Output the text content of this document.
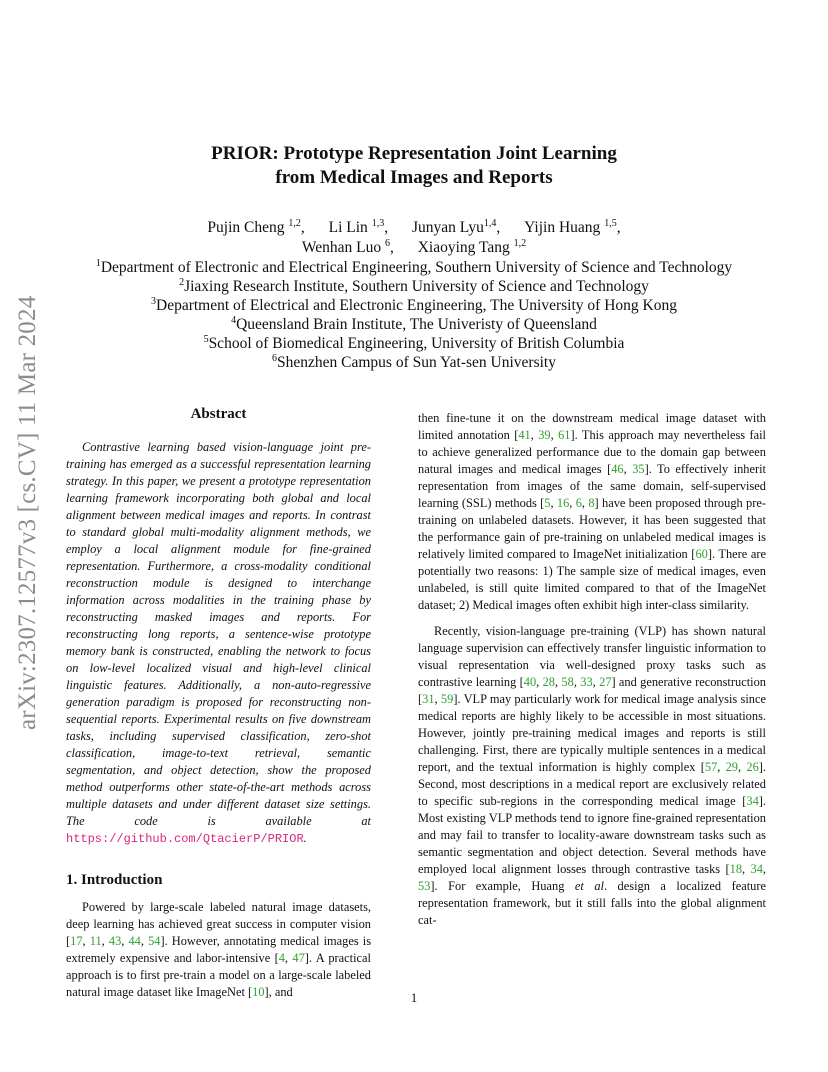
arXiv:2307.12577v3 [cs.CV] 11 Mar 2024
PRIOR: Prototype Representation Joint Learning
from Medical Images and Reports
Pujin Cheng $^{1,2}$, Li Lin $^{1,3}$, Junyan Lyu$^{1,4}$, Yijin Huang $^{1,5}$,
Wenhan Luo $^6$, Xiaoying Tang $^{1,2}$
$^1$Department of Electronic and Electrical Engineering, Southern University of Science and Technology
$^2$Jiaxing Research Institute, Southern University of Science and Technology
$^3$Department of Electrical and Electronic Engineering, The University of Hong Kong
$^4$Queensland Brain Institute, The Univeristy of Queensland
$^5$School of Biomedical Engineering, University of British Columbia
$^6$Shenzhen Campus of Sun Yat-sen University
Abstract

Contrastive learning based vision-language joint pre-training has emerged as a successful representation learning strategy. In this paper, we present a prototype representation learning framework incorporating both global and local alignment between medical images and reports. In contrast to standard global multi-modality alignment methods, we employ a local alignment module for fine-grained representation. Furthermore, a cross-modality conditional reconstruction module is designed to interchange information across modalities in the training phase by reconstructing masked images and reports. For reconstructing long reports, a sentence-wise prototype memory bank is constructed, enabling the network to focus on low-level localized visual and high-level clinical linguistic features. Additionally, a non-auto-regressive generation paradigm is proposed for reconstructing non-sequential reports. Experimental results on five downstream tasks, including supervised classification, zero-shot classification, image-to-text retrieval, semantic segmentation, and object detection, show the proposed method outperforms other state-of-the-art methods across multiple datasets and under different dataset size settings. The code is available at https://github.com/QtacierP/PRIOR.

1. Introduction

Powered by large-scale labeled natural image datasets, deep learning has achieved great success in computer vision [17, 11, 43, 44, 54]. However, annotating medical images is extremely expensive and labor-intensive [4, 47]. A practical approach is to first pre-train a model on a large-scale labeled natural image dataset like ImageNet [10], and

then fine-tune it on the downstream medical image dataset with limited annotation [41, 39, 61]. This approach may nevertheless fail to achieve generalized performance due to the domain gap between natural images and medical images [46, 35]. To effectively inherit representation from images of the same domain, self-supervised learning (SSL) methods [5, 16, 6, 8] have been proposed through pre-training on unlabeled datasets. However, it has been suggested that the performance gain of pre-training on unlabeled medical images is relatively limited compared to ImageNet initialization [60]. There are potentially two reasons: 1) The sample size of medical images, even unlabeled, is still quite limited compared to that of the ImageNet dataset; 2) Medical images often exhibit high inter-class similarity.

Recently, vision-language pre-training (VLP) has shown natural language supervision can effectively transfer linguistic information to visual representation via well-designed proxy tasks such as contrastive learning [40, 28, 58, 33, 27] and generative reconstruction [31, 59]. VLP may particularly work for medical image analysis since medical reports are highly likely to be accessible in most situations. However, jointly pre-training medical images and reports is still challenging. First, there are typically multiple sentences in a medical report, and the textual information is highly complex [57, 29, 26]. Second, most descriptions in a medical report are exclusively related to specific sub-regions in the corresponding medical image [34]. Most existing VLP methods tend to ignore fine-grained representation and may fail to transfer to locality-aware downstream tasks such as semantic segmentation and object detection. Several methods have employed local alignment losses through contrastive tasks [18, 34, 53]. For example, Huang et al. design a localized feature representation framework, but it still falls into the global alignment cat-

1
